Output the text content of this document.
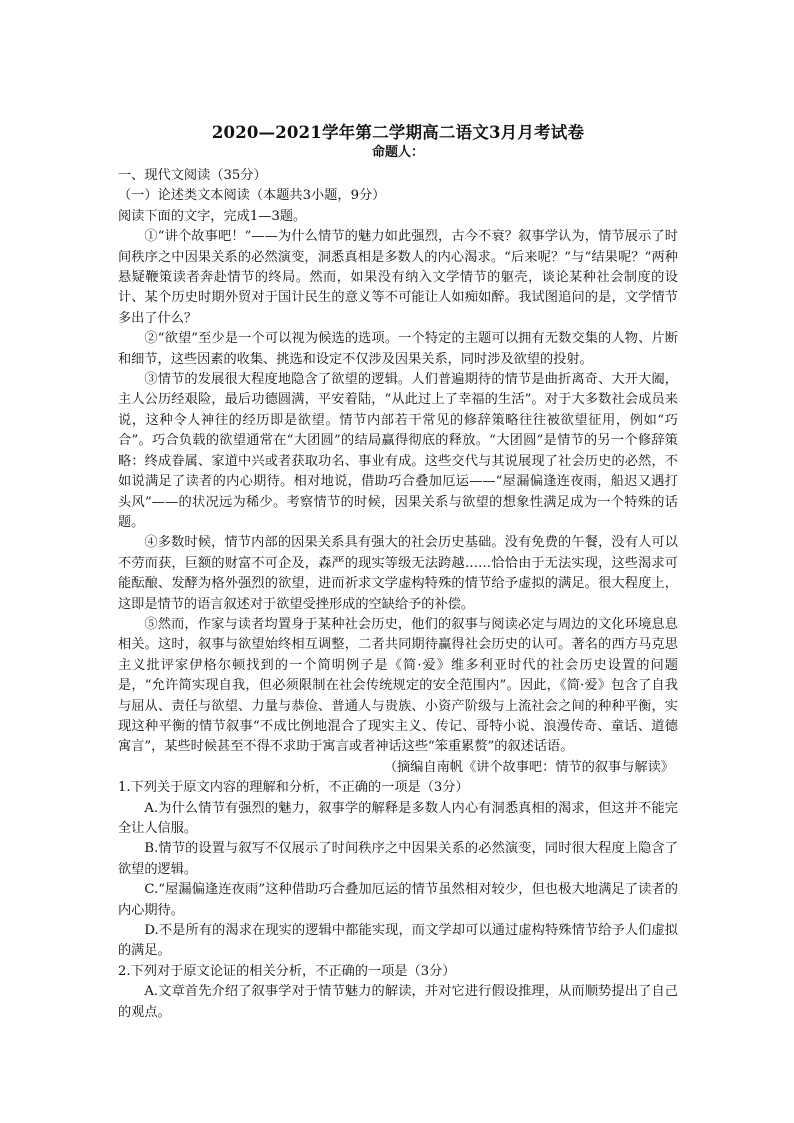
2020—2021学年第二学期高二语文3月月考试卷
命题人：
一、现代文阅读（35分）
（一）论述类文本阅读（本题共3小题，9分）
阅读下面的文字，完成1—3题。
①“讲个故事吧！”——为什么情节的魅力如此强烈，古今不衰？叙事学认为，情节展示了时间秩序之中因果关系的必然演变，洞悉真相是多数人的内心渴求。“后来呢？”与“结果呢？”两种悬疑鞭策读者奔赴情节的终局。然而，如果没有纳入文学情节的躯壳，谈论某种社会制度的设计、某个历史时期外贸对于国计民生的意义等不可能让人如痴如醉。我试图追问的是，文学情节多出了什么？
②“欲望”至少是一个可以视为候选的选项。一个特定的主题可以拥有无数交集的人物、片断和细节，这些因素的收集、挑选和设定不仅涉及因果关系，同时涉及欲望的投射。
③情节的发展很大程度地隐含了欲望的逻辑。人们普遍期待的情节是曲折离奇、大开大阖，主人公历经艰险，最后功德圆满，平安着陆，“从此过上了幸福的生活”。对于大多数社会成员来说，这种令人神往的经历即是欲望。情节内部若干常见的修辞策略往往被欲望征用，例如“巧合”。巧合负载的欲望通常在“大团圆”的结局赢得彻底的释放。“大团圆”是情节的另一个修辞策略：终成眷属、家道中兴或者获取功名、事业有成。这些交代与其说展现了社会历史的必然，不如说满足了读者的内心期待。相对地说，借助巧合叠加厄运——“屋漏偏逢连夜雨，船迟又遇打头风”——的状况远为稀少。考察情节的时候，因果关系与欲望的想象性满足成为一个特殊的话题。
④多数时候，情节内部的因果关系具有强大的社会历史基础。没有免费的午餐，没有人可以不劳而获，巨额的财富不可企及，森严的现实等级无法跨越……恰恰由于无法实现，这些渴求可能酝酿、发酵为格外强烈的欲望，进而祈求文学虚构特殊的情节给予虚拟的满足。很大程度上，这即是情节的语言叙述对于欲望受挫形成的空缺给予的补偿。
⑤然而，作家与读者均置身于某种社会历史，他们的叙事与阅读必定与周边的文化环境息息相关。这时，叙事与欲望始终相互调整，二者共同期待赢得社会历史的认可。著名的西方马克思主义批评家伊格尔顿找到的一个简明例子是《简·爱》维多利亚时代的社会历史设置的问题是，“允许简实现自我，但必须限制在社会传统规定的安全范围内”。因此，《简·爱》包含了自我与屈从、责任与欲望、力量与恭俭、普通人与贵族、小资产阶级与上流社会之间的种种平衡，实现这种平衡的情节叙事“不成比例地混合了现实主义、传记、哥特小说、浪漫传奇、童话、道德寓言”，某些时候甚至不得不求助于寓言或者神话这些“笨重累赘”的叙述话语。
（摘编自南帆《讲个故事吧：情节的叙事与解读》
1.下列关于原文内容的理解和分析，不正确的一项是（3分）
A.为什么情节有强烈的魅力，叙事学的解释是多数人内心有洞悉真相的渴求，但这并不能完全让人信服。
B.情节的设置与叙写不仅展示了时间秩序之中因果关系的必然演变，同时很大程度上隐含了欲望的逻辑。
C.“屋漏偏逢连夜雨”这种借助巧合叠加厄运的情节虽然相对较少，但也极大地满足了读者的内心期待。
D.不是所有的渴求在现实的逻辑中都能实现，而文学却可以通过虚构特殊情节给予人们虚拟的满足。
2.下列对于原文论证的相关分析，不正确的一项是（3分）
A.文章首先介绍了叙事学对于情节魅力的解读，并对它进行假设推理，从而顺势提出了自己的观点。
